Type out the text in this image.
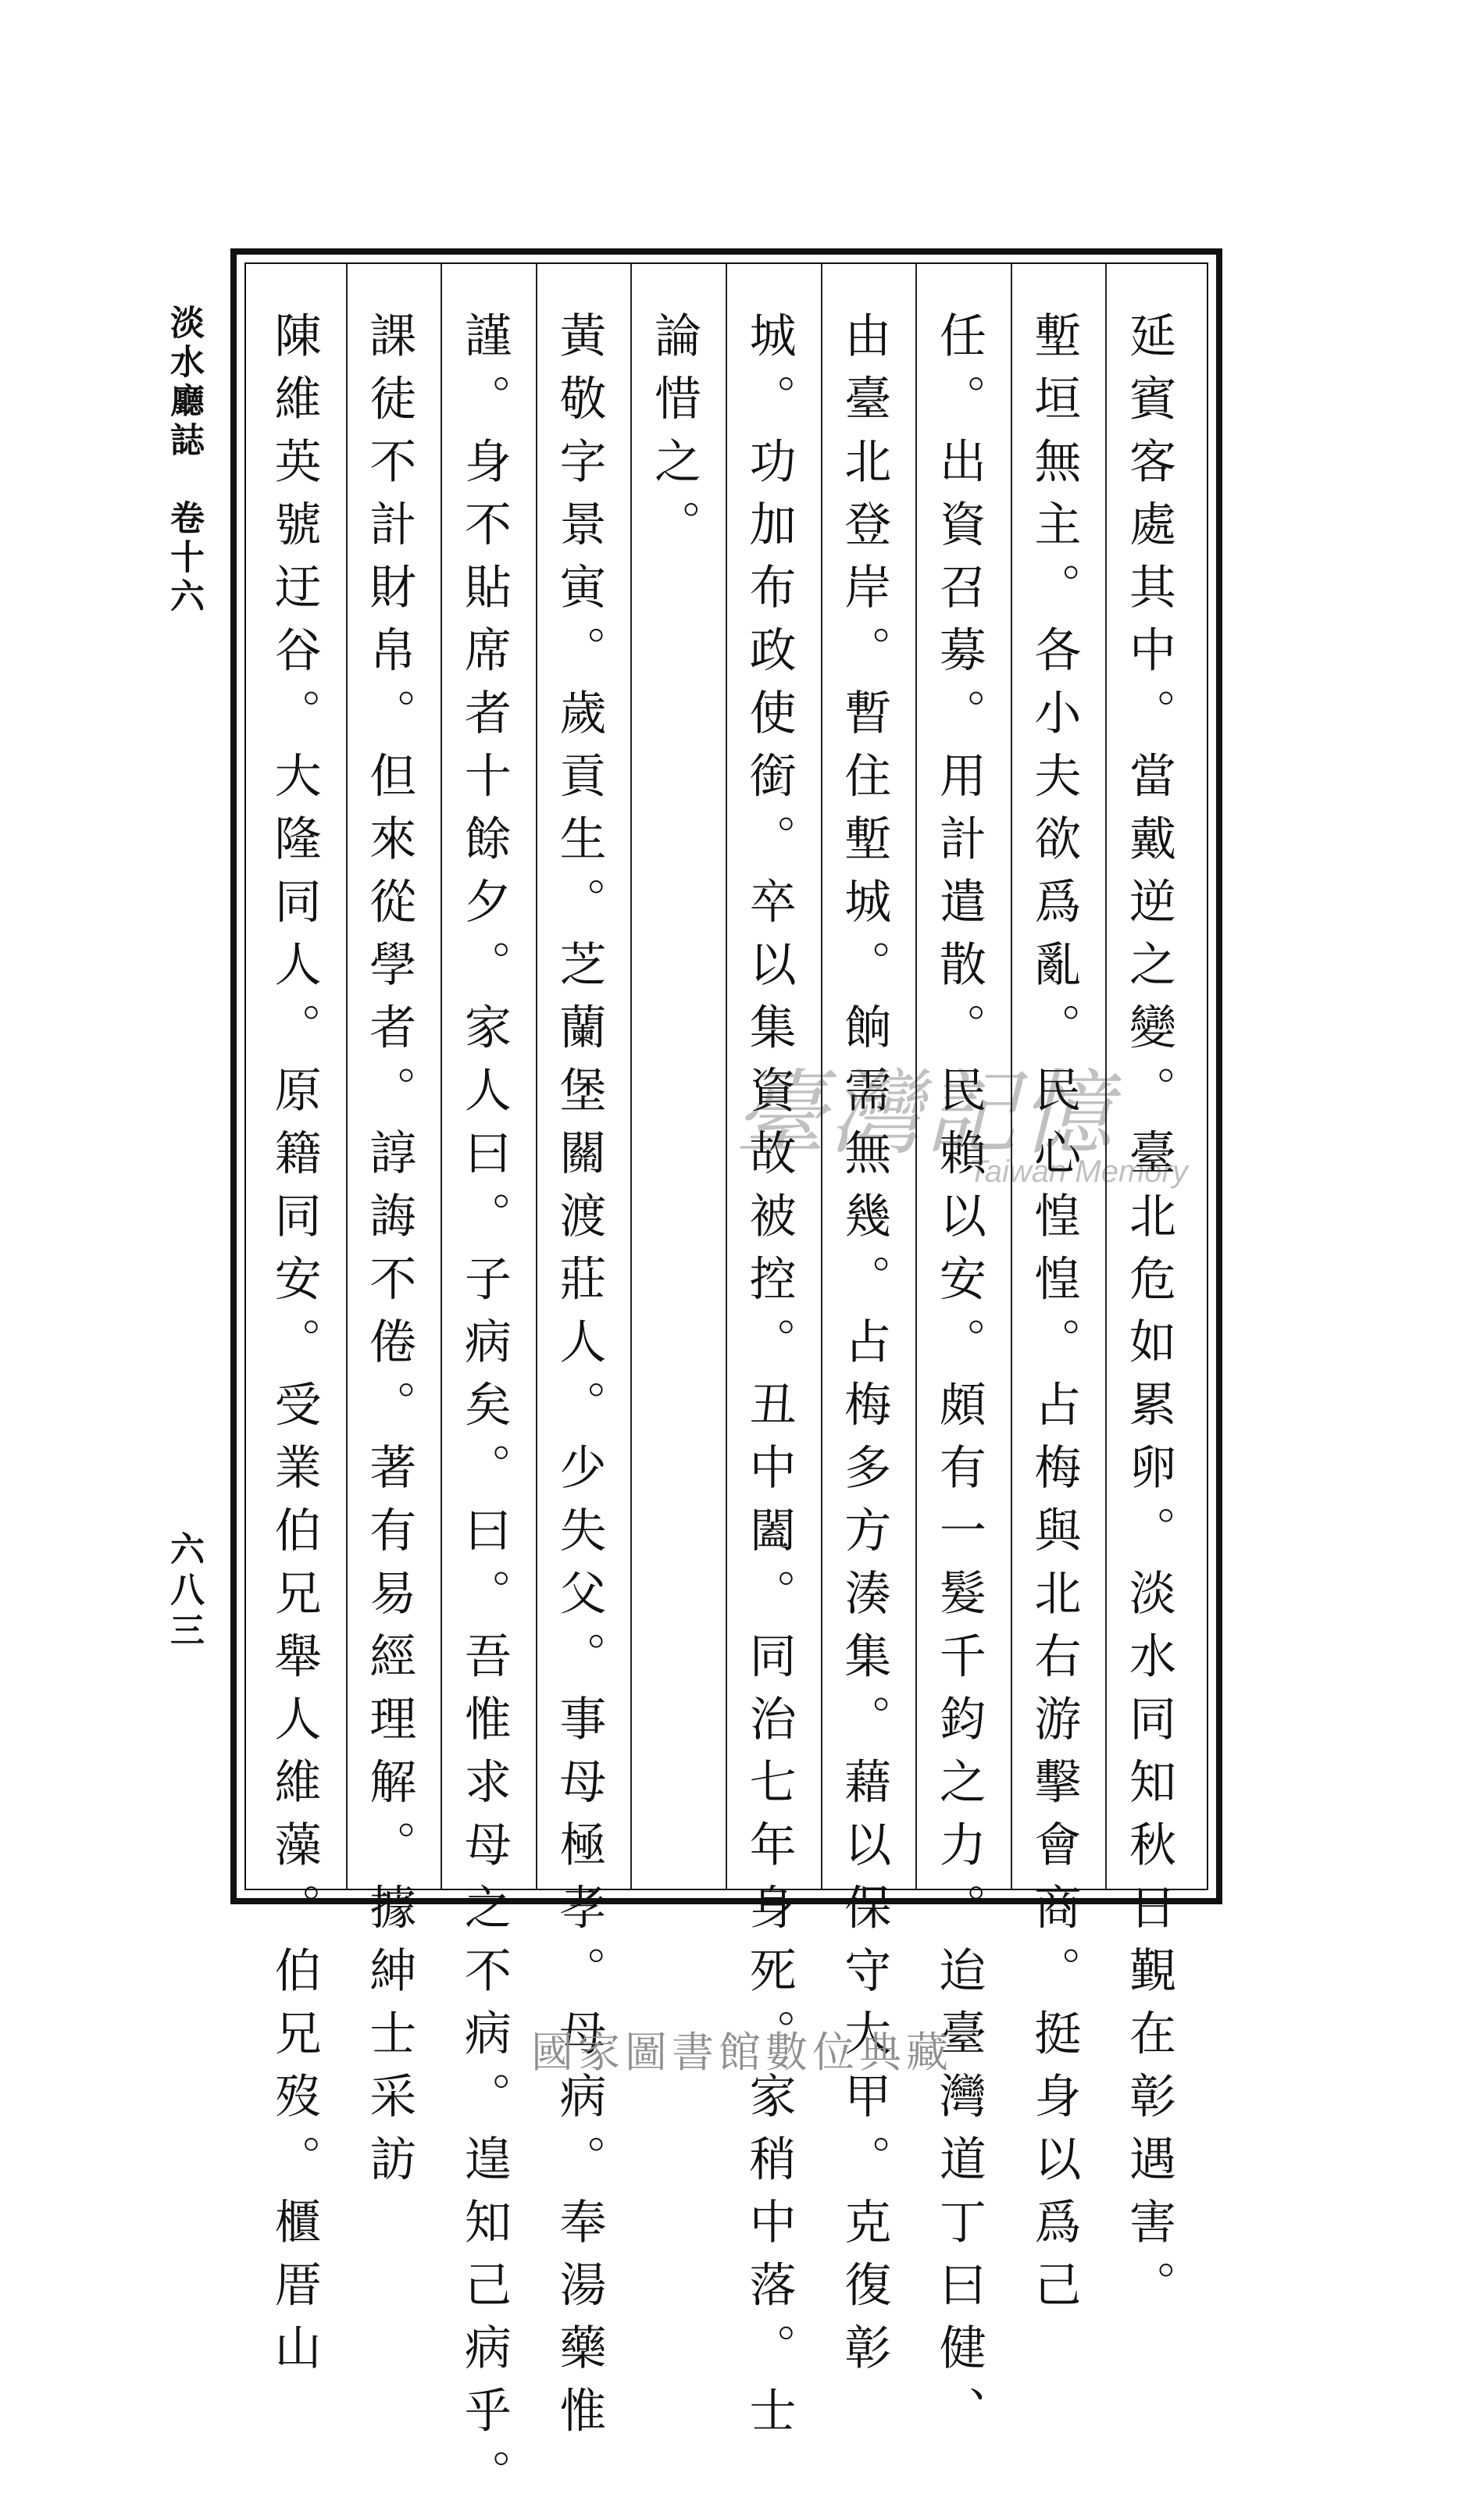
淡水廳誌　卷十六
六八三	延賓客處其中。當戴逆之變。臺北危如累卵。淡水同知秋日覲在彰遇害。
塹垣無主。各小夫欲爲亂。民心惶惶。占梅與北右游擊會商。挺身以爲己
任。出資召募。用計遣散。民賴以安。頗有一髮千鈞之力。迨臺灣道丁曰健、
由臺北登岸。暫住塹城。餉需無幾。占梅多方湊集。藉以保守大甲。克復彰
城。功加布政使銜。卒以集資故被控。丑中闔。同治七年身死。家稍中落。士
論惜之。
黃敬字景寅。歲貢生。芝蘭堡關渡莊人。少失父。事母極孝。母病。奉湯藥惟
謹。身不貼席者十餘夕。家人曰。子病矣。曰。吾惟求母之不病。遑知己病乎。
課徒不計財帛。但來從學者。諄誨不倦。著有易經理解。據紳士采訪
陳維英號迂谷。大隆同人。原籍同安。受業伯兄舉人維藻。伯兄歿。櫃厝山	臺灣記憶
Taiwan Memory
國家圖書館數位典藏
